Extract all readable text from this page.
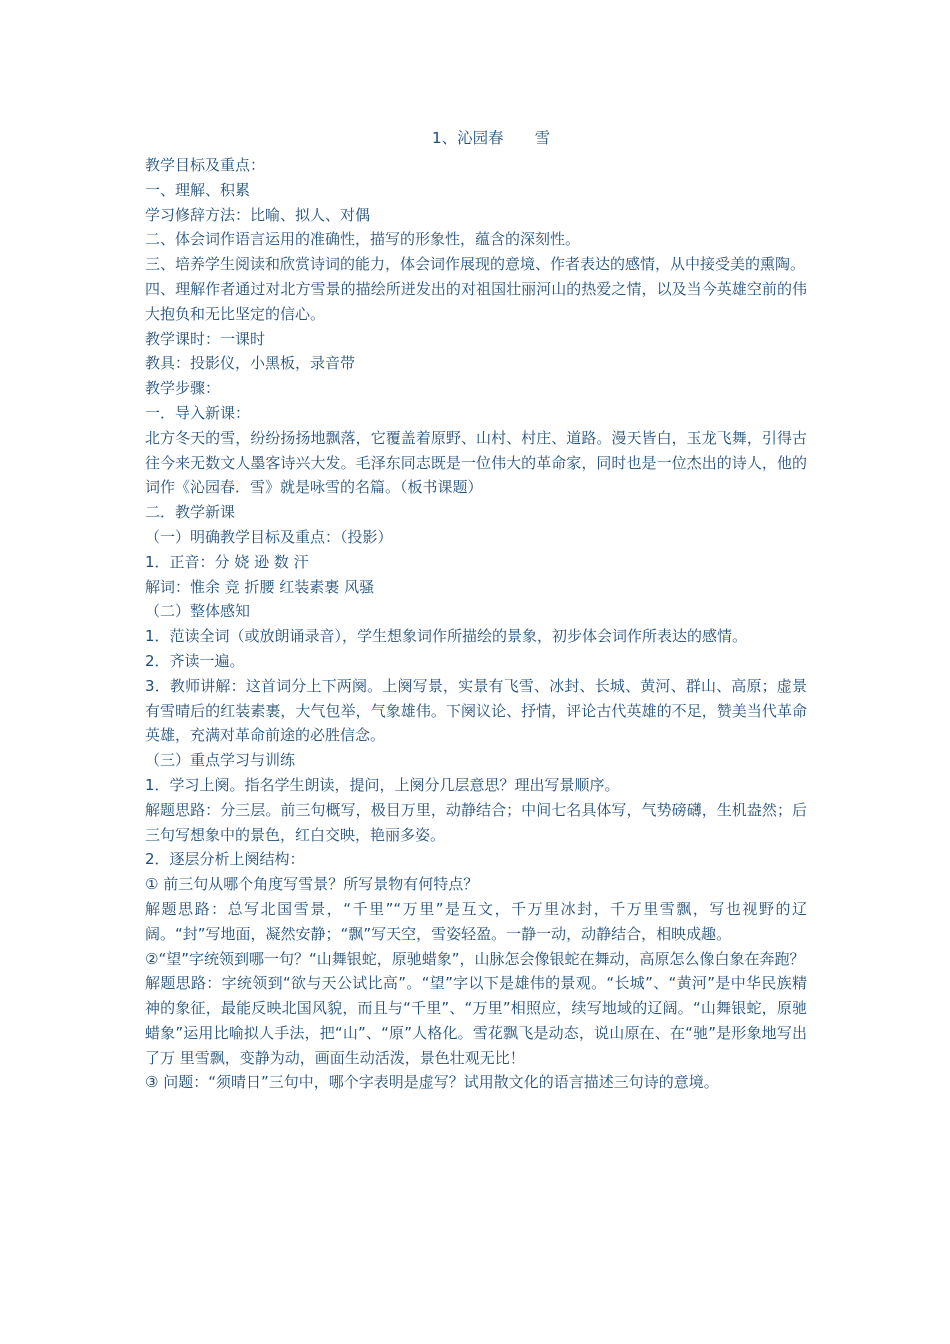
1、沁园春　　雪

教学目标及重点：

一、理解、积累

学习修辞方法：比喻、拟人、对偶

二、体会词作语言运用的准确性，描写的形象性，蕴含的深刻性。

三、培养学生阅读和欣赏诗词的能力，体会词作展现的意境、作者表达的感情，从中接受美的熏陶。

四、理解作者通过对北方雪景的描绘所迸发出的对祖国壮丽河山的热爱之情，以及当今英雄空前的伟大抱负和无比坚定的信心。

教学课时：一课时

教具：投影仪，小黑板，录音带

教学步骤：

一．导入新课：

北方冬天的雪，纷纷扬扬地飘落，它覆盖着原野、山村、村庄、道路。漫天皆白，玉龙飞舞，引得古往今来无数文人墨客诗兴大发。毛泽东同志既是一位伟大的革命家，同时也是一位杰出的诗人，他的词作《沁园春．雪》就是咏雪的名篇。（板书课题）

二．教学新课

（一）明确教学目标及重点：（投影）

1．正音：分 娆 逊 数 汗

解词：惟余 竞 折腰 红装素裹 风骚

（二）整体感知

1．范读全词（或放朗诵录音），学生想象词作所描绘的景象，初步体会词作所表达的感情。

2．齐读一遍。

3．教师讲解：这首词分上下两阕。上阕写景，实景有飞雪、冰封、长城、黄河、群山、高原；虚景有雪晴后的红装素裹，大气包举，气象雄伟。下阕议论、抒情，评论古代英雄的不足，赞美当代革命英雄，充满对革命前途的必胜信念。

（三）重点学习与训练

1．学习上阕。指名学生朗读，提问，上阕分几层意思？理出写景顺序。

解题思路：分三层。前三句概写，极目万里，动静结合；中间七名具体写，气势磅礴，生机盎然；后三句写想象中的景色，红白交映，艳丽多姿。

2．逐层分析上阕结构：

① 前三句从哪个角度写雪景？所写景物有何特点？

解题思路：总写北国雪景，“千里”“万里”是互文，千万里冰封，千万里雪飘，写也视野的辽阔。“封”写地面，凝然安静；“飘”写天空，雪姿轻盈。一静一动，动静结合，相映成趣。

②“望”字统领到哪一句？“山舞银蛇，原驰蜡象”，山脉怎会像银蛇在舞动，高原怎么像白象在奔跑？

解题思路：字统领到“欲与天公试比高”。“望”字以下是雄伟的景观。“长城”、“黄河”是中华民族精神的象征，最能反映北国风貌，而且与“千里”、“万里”相照应，续写地域的辽阔。“山舞银蛇，原驰蜡象”运用比喻拟人手法，把“山”、“原”人格化。雪花飘飞是动态，说山原在、在“驰”是形象地写出了万 里雪飘，变静为动，画面生动活泼，景色壮观无比！

③ 问题：“须晴日”三句中，哪个字表明是虚写？试用散文化的语言描述三句诗的意境。
